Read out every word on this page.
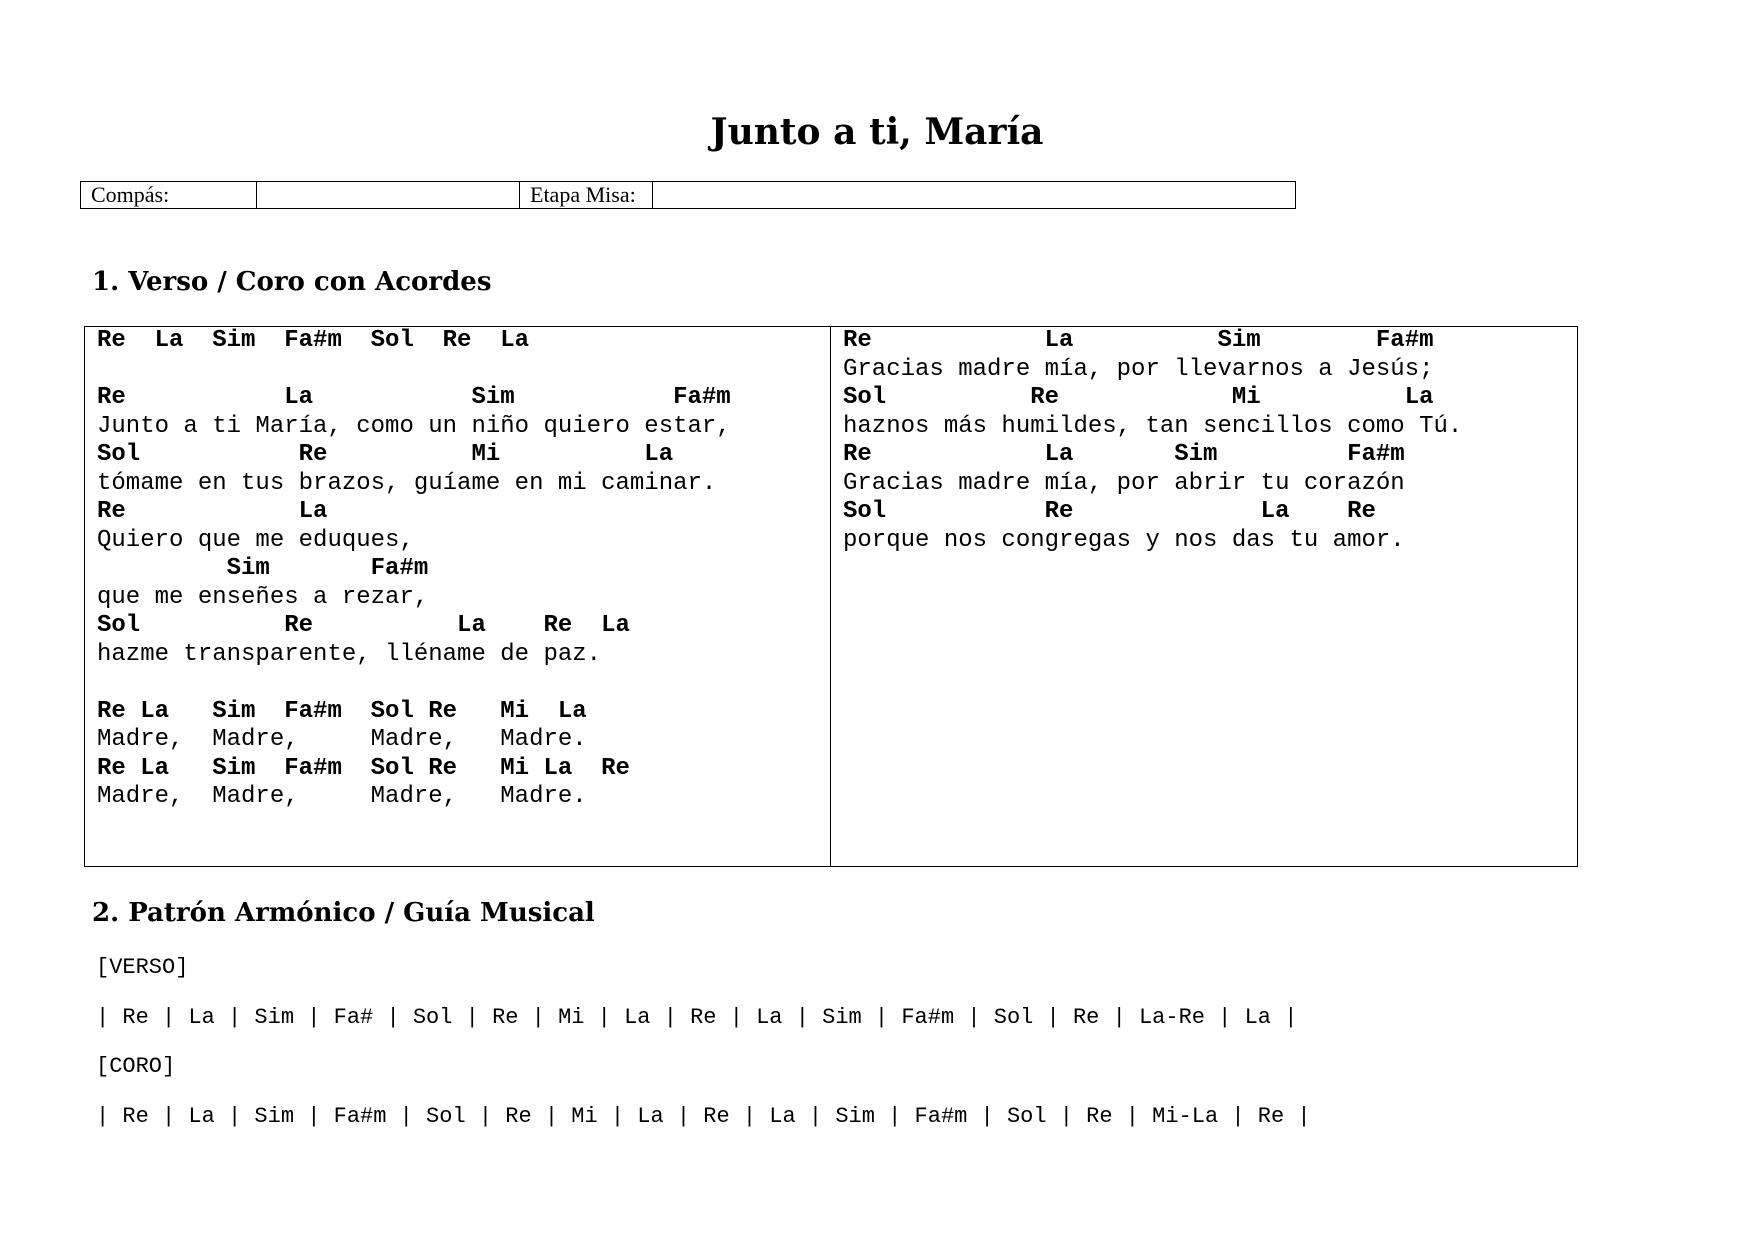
Junto a ti, María
Compás:		Etapa Misa:	
1. Verso / Coro con Acordes
Re  La  Sim  Fa#m  Sol  Re  La
Re           La           Sim           Fa#m
Junto a ti María, como un niño quiero estar,
Sol           Re          Mi          La
tómame en tus brazos, guíame en mi caminar.
Re            La
Quiero que me eduques,
Sim       Fa#m
que me enseñes a rezar,
Sol          Re          La    Re  La
hazme transparente, lléname de paz.
Re La   Sim  Fa#m  Sol Re   Mi  La
Madre,  Madre,     Madre,   Madre.
Re La   Sim  Fa#m  Sol Re   Mi La  Re
Madre,  Madre,     Madre,   Madre.
Re            La          Sim        Fa#m
Gracias madre mía, por llevarnos a Jesús;
Sol          Re            Mi          La
haznos más humildes, tan sencillos como Tú.
Re            La       Sim         Fa#m
Gracias madre mía, por abrir tu corazón
Sol           Re             La    Re
porque nos congregas y nos das tu amor.
2. Patrón Armónico / Guía Musical

[VERSO]

| Re | La | Sim | Fa# | Sol | Re | Mi | La | Re | La | Sim | Fa#m | Sol | Re | La-Re | La |

[CORO]

| Re | La | Sim | Fa#m | Sol | Re | Mi | La | Re | La | Sim | Fa#m | Sol | Re | Mi-La | Re |
